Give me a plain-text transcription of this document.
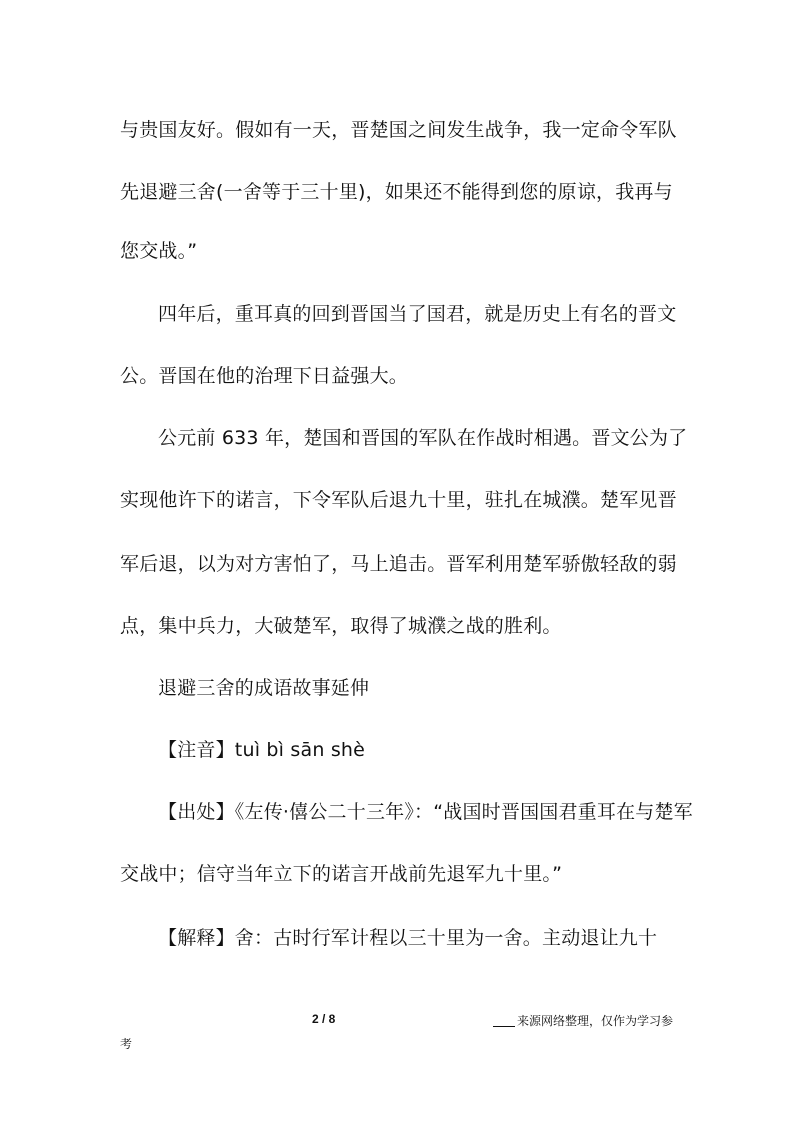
与贵国友好。假如有一天，晋楚国之间发生战争，我一定命令军队
先退避三舍(一舍等于三十里)，如果还不能得到您的原谅，我再与
您交战。”
四年后，重耳真的回到晋国当了国君，就是历史上有名的晋文
公。晋国在他的治理下日益强大。
公元前 633 年，楚国和晋国的军队在作战时相遇。晋文公为了
实现他许下的诺言，下令军队后退九十里，驻扎在城濮。楚军见晋
军后退，以为对方害怕了，马上追击。晋军利用楚军骄傲轻敌的弱
点，集中兵力，大破楚军，取得了城濮之战的胜利。
退避三舍的成语故事延伸
【注音】tuì bì sān shè
【出处】《左传·僖公二十三年》：“战国时晋国国君重耳在与楚军
交战中；信守当年立下的诺言开战前先退军九十里。”
【解释】舍：古时行军计程以三十里为一舍。主动退让九十
2 / 8	来源网络整理，仅作为学习参
考
